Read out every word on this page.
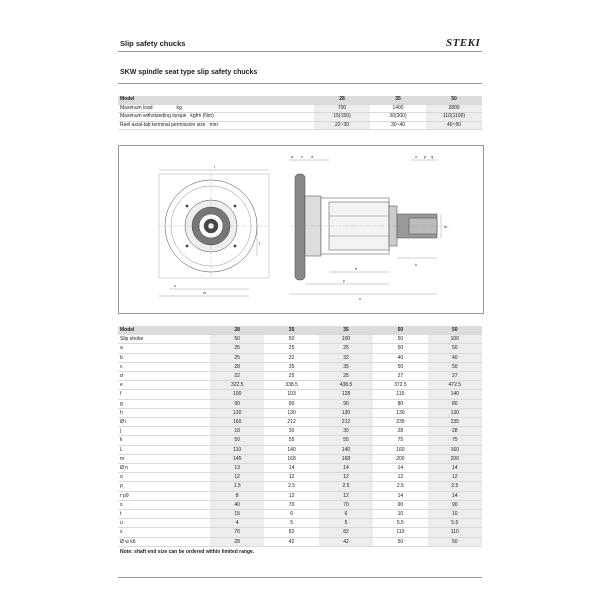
Slip safety chucks	STEKI
SKW spindle seat type slip safety chucks
Model	28	35	50
Maximum load kg	700	1400	2800
Maximum withstanding torque kgfm (Nm)	15(150)	30(300)	110(1100)
Reel axial-tab terminal permission size mm	22~30	30~40	40~50
l
n
m
j
a c d
x
y
b
k
o p q
w
Model	28	35	35	50	50
Slip stroke	50	50	100	50	100
a	25	25	25	50	50
b	25	32	32	40	40
c	28	35	35	50	50
d	22	25	25	27	27
e	322.5	338.5	438.5	372.5	472.5
f	100	103	128	115	140
g	90	90	90	80	80
h	130	130	130	130	130
Ø i	160	212	212	235	235
j	18	30	30	28	28
k	50	55	55	75	75
L	110	140	140	160	160
m	145	168	168	200	200
Ø n	13	14	14	14	14
o	12	12	12	12	12
p	1.5	2.5	2.5	2.5	2.5
r p9	8	12	12	14	14
s	40	70	70	90	90
t	15	6	6	10	10
u	4	5	5	5.5	5.5
v	70	82	82	110	110
Ø w k6	28	42	42	50	50
Note: shaft end size can be ordered within limited range.
